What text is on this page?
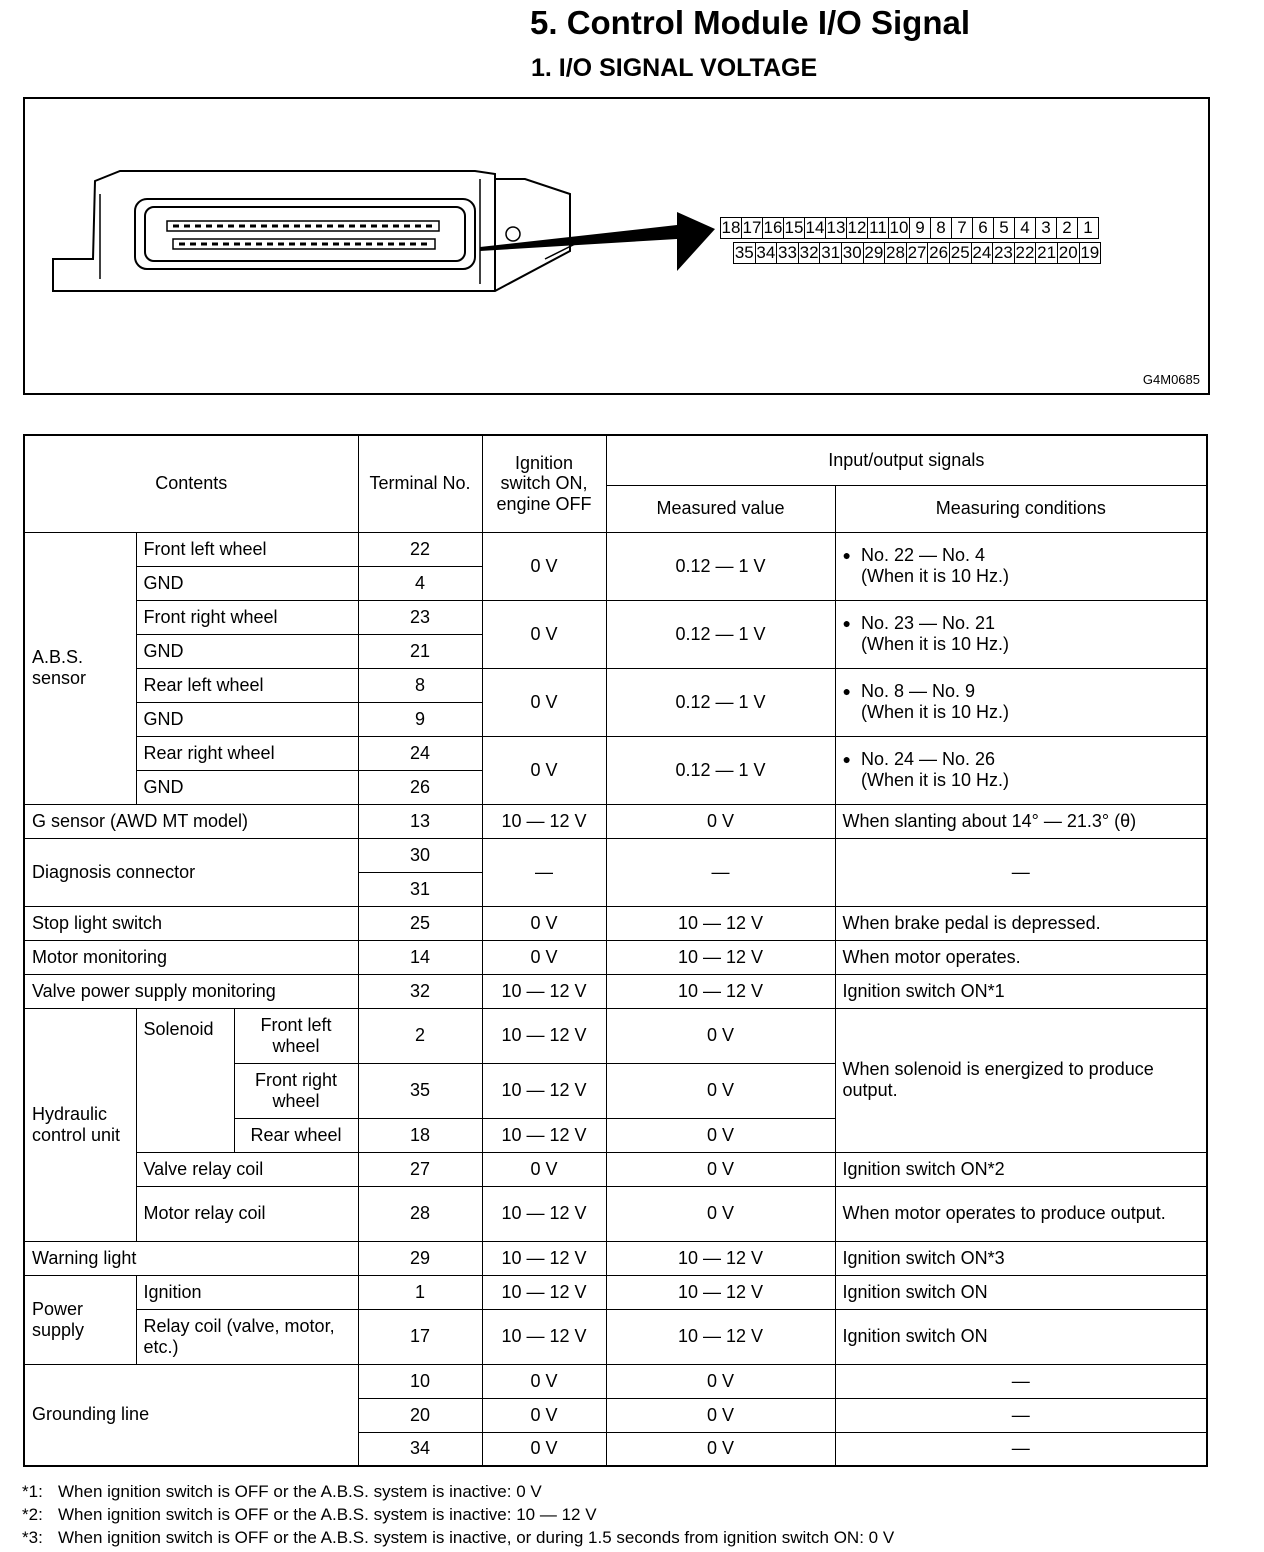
5. Control Module I/O Signal
1. I/O SIGNAL VOLTAGE
18	17	16	15	14	13	12	11	10	9	8	7	6	5	4	3	2	1
35	34	33	32	31	30	29	28	27	26	25	24	23	22	21	20	19
G4M0685
Contents			Terminal No.	Ignition switch ON, engine OFF	Input/output signals	
					Measured value	Measuring conditions
A.B.S. sensor	Front left wheel		22	0 V	0.12 — 1 V	● No. 22 — No. 4
(When it is 10 Hz.)

	GND		4			
	Front right wheel		23	0 V	0.12 — 1 V	● No. 23 — No. 21
(When it is 10 Hz.)

	GND		21			
	Rear left wheel		8	0 V	0.12 — 1 V	● No. 8 — No. 9
(When it is 10 Hz.)

	GND		9			
	Rear right wheel		24	0 V	0.12 — 1 V	● No. 24 — No. 26
(When it is 10 Hz.)

	GND		26			
G sensor (AWD MT model)			13	10 — 12 V	0 V	When slanting about 14° — 21.3° (θ)
Diagnosis connector			30	—	—	—
			31			
Stop light switch			25	0 V	10 — 12 V	When brake pedal is depressed.
Motor monitoring			14	0 V	10 — 12 V	When motor operates.
Valve power supply monitoring			32	10 — 12 V	10 — 12 V	Ignition switch ON*1
Hydraulic control unit	Solenoid	Front left wheel	2	10 — 12 V	0 V	When solenoid is energized to produce output.
		Front right wheel	35	10 — 12 V	0 V	
		Rear wheel	18	10 — 12 V	0 V	
	Valve relay coil		27	0 V	0 V	Ignition switch ON*2
	Motor relay coil		28	10 — 12 V	0 V	When motor operates to produce output.
Warning light			29	10 — 12 V	10 — 12 V	Ignition switch ON*3
Power supply	Ignition		1	10 — 12 V	10 — 12 V	Ignition switch ON
	Relay coil (valve, motor, etc.)		17	10 — 12 V	10 — 12 V	Ignition switch ON
Grounding line			10	0 V	0 V	—
			20	0 V	0 V	—
			34	0 V	0 V	—
*1: When ignition switch is OFF or the A.B.S. system is inactive: 0 V
*2: When ignition switch is OFF or the A.B.S. system is inactive: 10 — 12 V
*3: When ignition switch is OFF or the A.B.S. system is inactive, or during 1.5 seconds from ignition switch ON: 0 V
